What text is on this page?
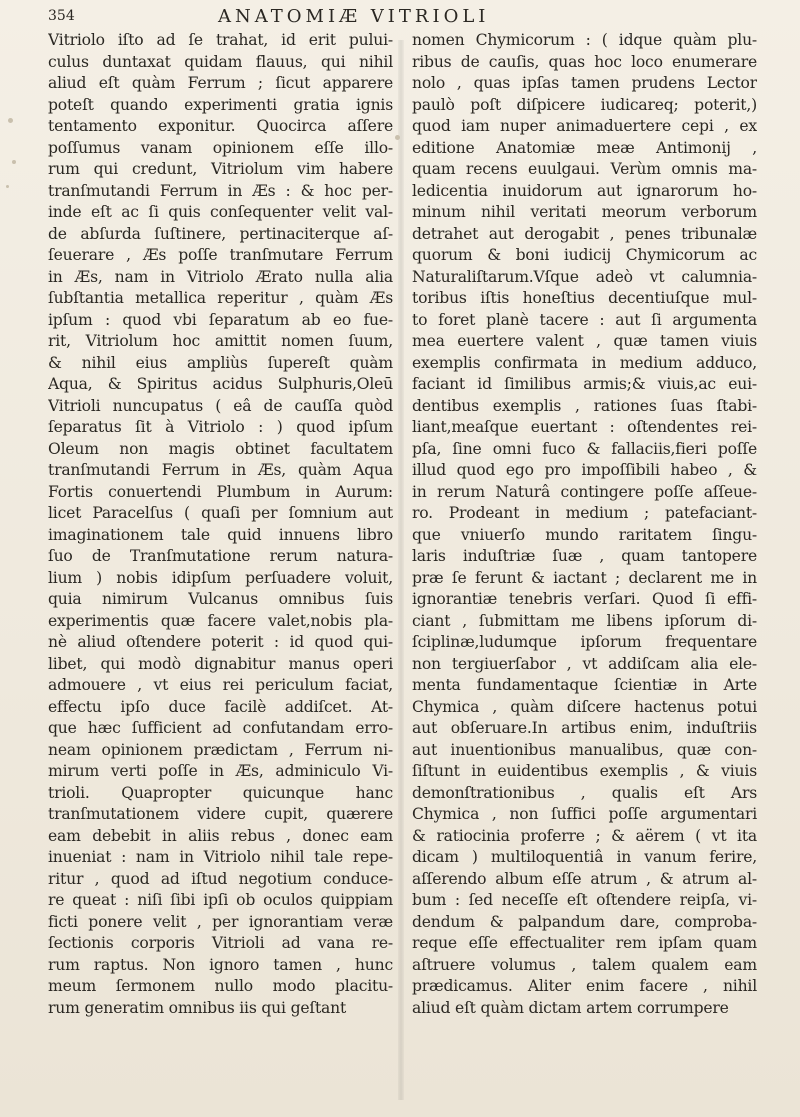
354	ANATOMIÆ VITRIOLI
Vitriolo iſto ad ſe trahat, id erit pului-
culus duntaxat quidam flauus, qui nihil
aliud eſt quàm Ferrum ; ſicut apparere
poteſt quando experimenti gratia ignis
tentamento exponitur. Quocirca aſſere
poſſumus vanam opinionem eſſe illo-
rum qui credunt, Vitriolum vim habere
tranſmutandi Ferrum in Æs : & hoc per-
inde eſt ac ſi quis conſequenter velit val-
de abſurda ſuſtinere, pertinaciterque aſ-
ſeuerare , Æs poſſe tranſmutare Ferrum
in Æs, nam in Vitriolo Ærato nulla alia
ſubſtantia metallica reperitur , quàm Æs
ipſum : quod vbi ſeparatum ab eo fue-
rit, Vitriolum hoc amittit nomen ſuum,
& nihil eius ampliùs ſupereſt quàm
Aqua, & Spiritus acidus Sulphuris,Oleū
Vitrioli nuncupatus ( eâ de cauſſa quòd
ſeparatus ſit à Vitriolo : ) quod ipſum
Oleum non magis obtinet facultatem
tranſmutandi Ferrum in Æs, quàm Aqua
Fortis conuertendi Plumbum in Aurum:
licet Paracelſus ( quaſi per ſomnium aut
imaginationem tale quid innuens libro
ſuo de Tranſmutatione rerum natura-
lium ) nobis idipſum perſuadere voluit,
quia nimirum Vulcanus omnibus ſuis
experimentis quæ facere valet,nobis pla-
nè aliud oſtendere poterit : id quod qui-
libet, qui modò dignabitur manus operi
admouere , vt eius rei periculum faciat,
effectu ipſo duce facilè addiſcet. At-
que hæc ſufficient ad confutandam erro-
neam opinionem prædictam , Ferrum ni-
mirum verti poſſe in Æs, adminiculo Vi-
trioli. Quapropter quicunque hanc
tranſmutationem videre cupit, quærere
eam debebit in aliis rebus , donec eam
inueniat : nam in Vitriolo nihil tale repe-
ritur , quod ad iſtud negotium conduce-
re queat : niſi ſibi ipſi ob oculos quippiam
ficti ponere velit , per ignorantiam veræ
ſectionis corporis Vitrioli ad vana re-
rum raptus. Non ignoro tamen , hunc
meum ſermonem nullo modo placitu-
rum generatim omnibus iis qui geſtant
nomen Chymicorum : ( idque quàm plu-
ribus de cauſis, quas hoc loco enumerare
nolo , quas ipſas tamen prudens Lector
paulò poſt diſpicere iudicareq; poterit,)
quod iam nuper animaduertere cepi , ex
editione Anatomiæ meæ Antimonij ,
quam recens euulgaui. Verùm omnis ma-
ledicentia inuidorum aut ignarorum ho-
minum nihil veritati meorum verborum
detrahet aut derogabit , penes tribunalæ
quorum & boni iudicij Chymicorum ac
Naturaliſtarum.Vſque adeò vt calumnia-
toribus iſtis honeſtius decentiuſque mul-
to foret planè tacere : aut ſi argumenta
mea euertere valent , quæ tamen viuis
exemplis confirmata in medium adduco,
faciant id ſimilibus armis;& viuis,ac eui-
dentibus exemplis , rationes ſuas ſtabi-
liant,meaſque euertant : oſtendentes rei-
pſa, ſine omni fuco & fallaciis,fieri poſſe
illud quod ego pro impoſſibili habeo , &
in rerum Naturâ contingere poſſe aſſeue-
ro. Prodeant in medium ; patefaciant-
que vniuerſo mundo raritatem ſingu-
laris induſtriæ ſuæ , quam tantopere
præ ſe ferunt & iactant ; declarent me in
ignorantiæ tenebris verſari. Quod ſi effi-
ciant , ſubmittam me libens ipſorum di-
ſciplinæ,ludumque ipſorum frequentare
non tergiuerſabor , vt addiſcam alia ele-
menta fundamentaque ſcientiæ in Arte
Chymica , quàm diſcere hactenus potui
aut obſeruare.In artibus enim, induſtriis
aut inuentionibus manualibus, quæ con-
ſiſtunt in euidentibus exemplis , & viuis
demonſtrationibus , qualis eſt Ars
Chymica , non ſuffici poſſe argumentari
& ratiocinia proferre ; & aërem ( vt ita
dicam ) multiloquentiâ in vanum ferire,
aſſerendo album eſſe atrum , & atrum al-
bum : ſed neceſſe eſt oſtendere reipſa, vi-
dendum & palpandum dare, comproba-
reque eſſe effectualiter rem ipſam quam
aſtruere volumus , talem qualem eam
prædicamus. Aliter enim facere , nihil
aliud eſt quàm dictam artem corrumpere
